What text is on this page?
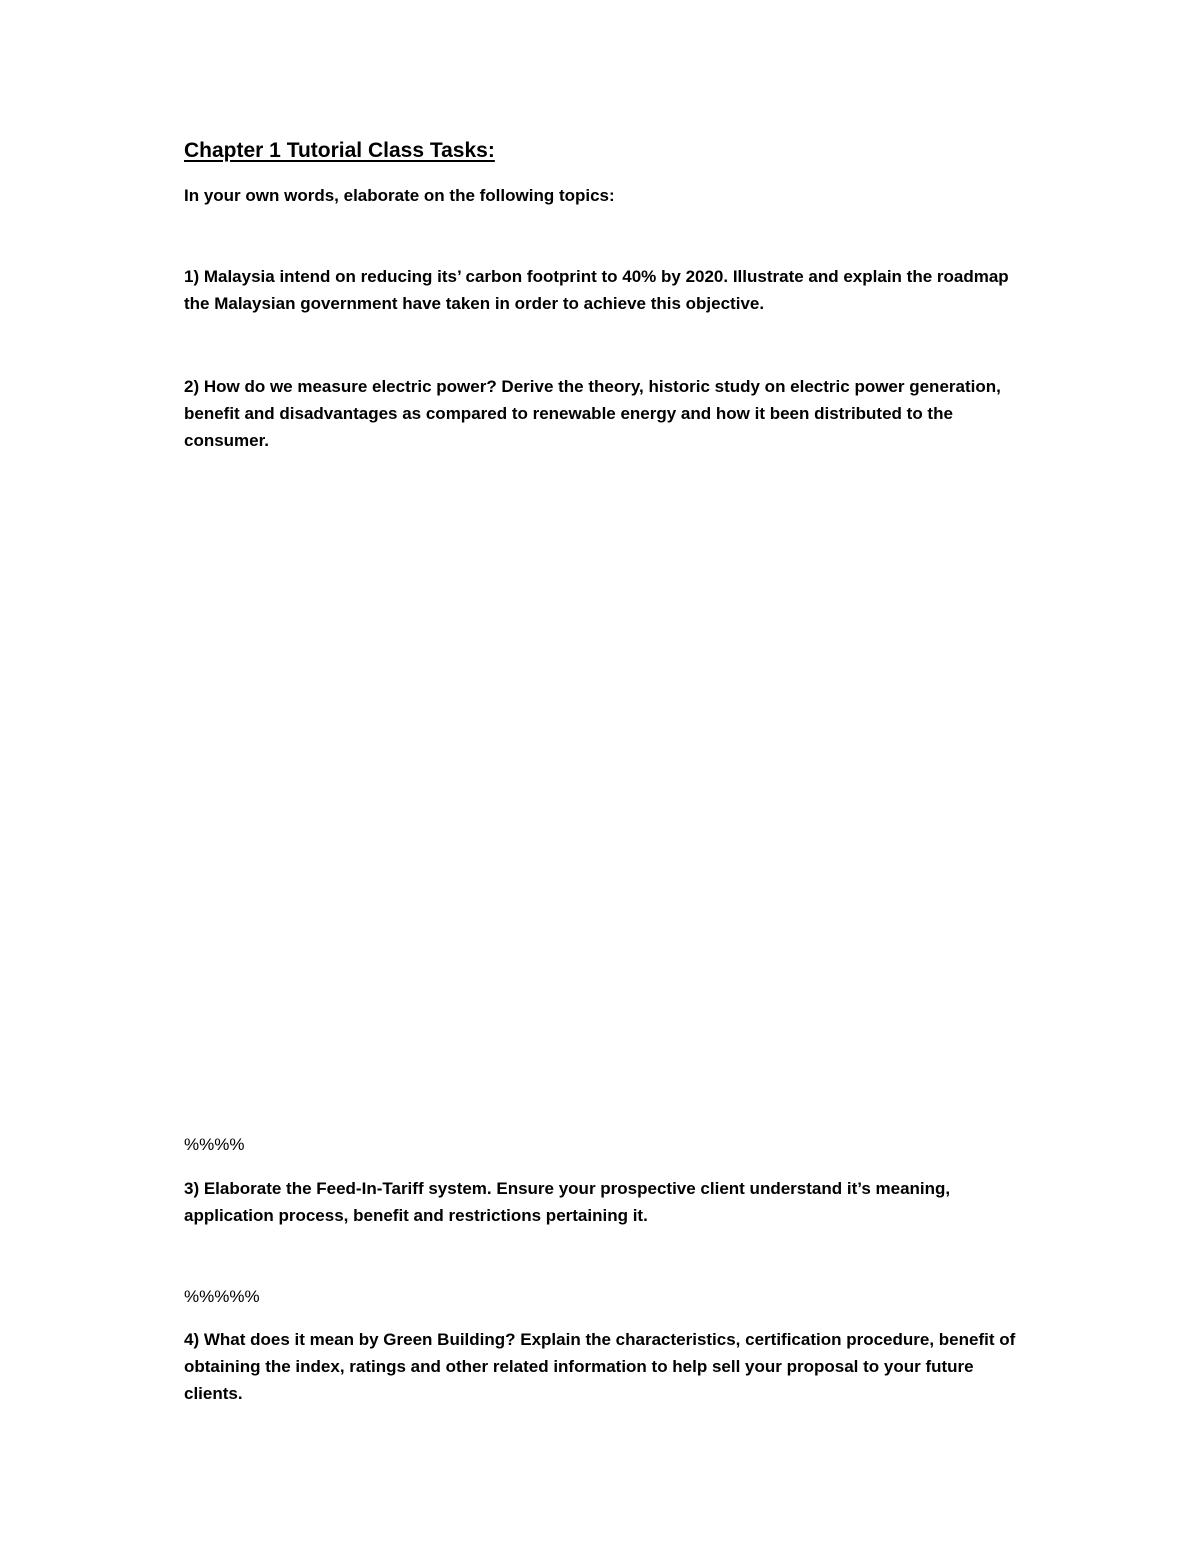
Chapter 1 Tutorial Class Tasks:

In your own words, elaborate on the following topics:

1) Malaysia intend on reducing its’ carbon footprint to 40% by 2020. Illustrate and explain the roadmap the Malaysian government have taken in order to achieve this objective.

2) How do we measure electric power? Derive the theory, historic study on electric power generation, benefit and disadvantages as compared to renewable energy and how it been distributed to the consumer.

%%%%

3) Elaborate the Feed-In-Tariff system. Ensure your prospective client understand it’s meaning, application process, benefit and restrictions pertaining it.

%%%%%

4) What does it mean by Green Building? Explain the characteristics, certification procedure, benefit of obtaining the index, ratings and other related information to help sell your proposal to your future clients.
